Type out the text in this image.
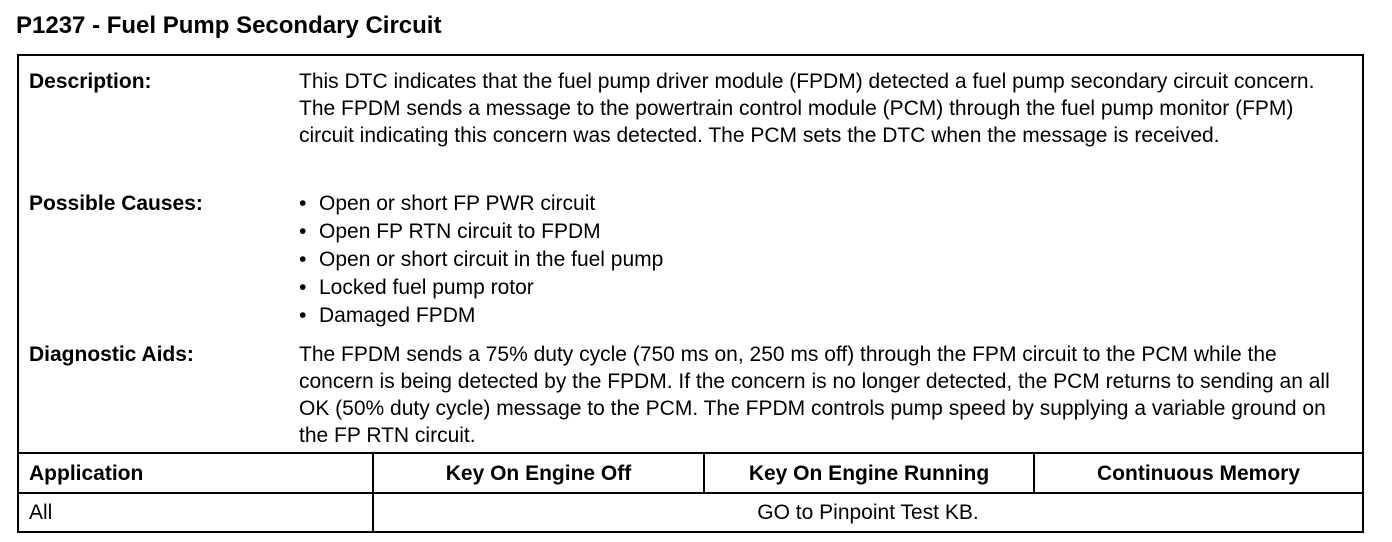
P1237 - Fuel Pump Secondary Circuit
Description:	This DTC indicates that the fuel pump driver module (FPDM) detected a fuel pump secondary circuit concern. The FPDM sends a message to the powertrain control module (PCM) through the fuel pump monitor (FPM) circuit indicating this concern was detected. The PCM sets the DTC when the message is received.

Possible Causes:
•	Open or short FP PWR circuit
• Open FP RTN circuit to FPDM
• Open or short circuit in the fuel pump
• Locked fuel pump rotor
• Damaged FPDM
Diagnostic Aids:	The FPDM sends a 75% duty cycle (750 ms on, 250 ms off) through the FPM circuit to the PCM while the concern is being detected by the FPDM. If the concern is no longer detected, the PCM returns to sending an all OK (50% duty cycle) message to the PCM. The FPDM controls pump speed by supplying a variable ground on the FP RTN circuit.

Application	Key On Engine Off	Key On Engine Running	Continuous Memory
All	GO to Pinpoint Test KB.
